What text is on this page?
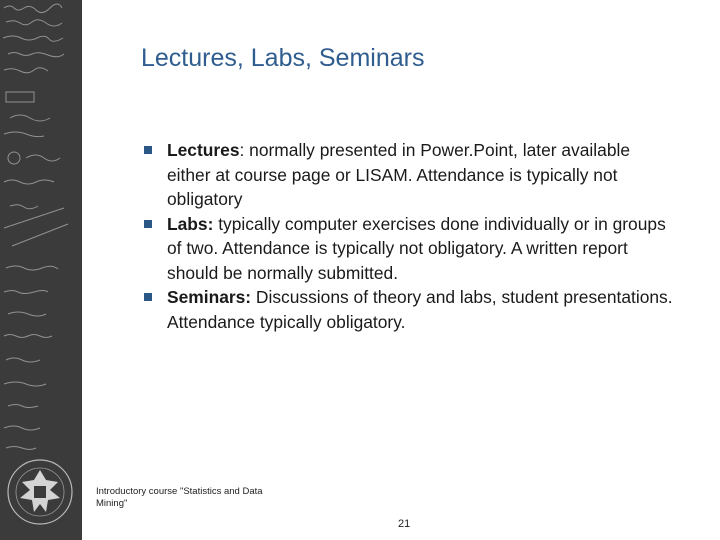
Lectures, Labs, Seminars
Lectures: normally presented in Power.Point, later available either at course page or LISAM. Attendance is typically not obligatory
Labs: typically computer exercises done individually or in groups of two. Attendance is typically not obligatory. A written report should be normally submitted.
Seminars: Discussions of theory and labs, student presentations. Attendance typically obligatory.
Introductory course "Statistics and Data Mining"
21
